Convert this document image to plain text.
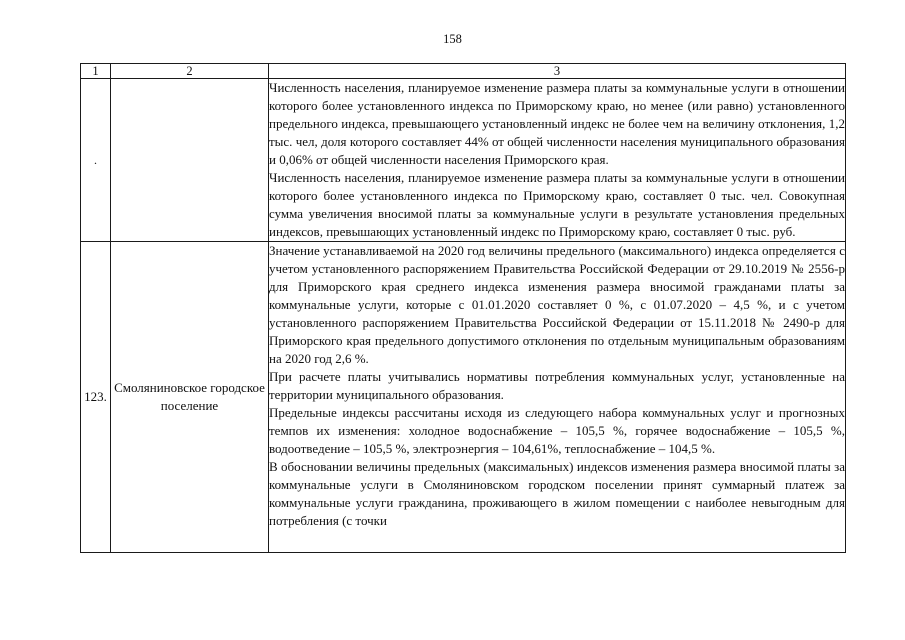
158
1	2	3
.		Численность населения, планируемое изменение размера платы за коммунальные услуги в отношении которого более установленного индекса по Приморскому краю, но менее (или равно) установленного предельного индекса, превышающего установленный индекс не более чем на величину отклонения, 1,2 тыс. чел, доля которого составляет 44% от общей численности населения муниципального образования и 0,06% от общей численности населения Приморского края.

Численность населения, планируемое изменение размера платы за коммунальные услуги в отношении которого более установленного индекса по Приморскому краю, составляет 0 тыс. чел. Совокупная сумма увеличения вносимой платы за коммунальные услуги в результате установления предельных индексов, превышающих установленный индекс по Приморскому краю, составляет 0 тыс. руб.

123.	Смоляниновское городское поселение	Значение устанавливаемой на 2020 год величины предельного (максимального) индекса определяется с учетом установленного распоряжением Правительства Российской Федерации от 29.10.2019 № 2556-р для Приморского края среднего индекса изменения размера вносимой гражданами платы за коммунальные услуги, которые с 01.01.2020 составляет 0 %, с 01.07.2020 – 4,5 %, и с учетом установленного распоряжением Правительства Российской Федерации от 15.11.2018 № 2490-р для Приморского края предельного допустимого отклонения по отдельным муниципальным образованиям на 2020 год 2,6 %.

При расчете платы учитывались нормативы потребления коммунальных услуг, установленные на территории муниципального образования.

Предельные индексы рассчитаны исходя из следующего набора коммунальных услуг и прогнозных темпов их изменения: холодное водоснабжение – 105,5 %, горячее водоснабжение – 105,5 %, водоотведение – 105,5 %, электроэнергия – 104,61%, теплоснабжение – 104,5 %.

В обосновании величины предельных (максимальных) индексов изменения размера вносимой платы за коммунальные услуги в Смоляниновском городском поселении принят суммарный платеж за коммунальные услуги гражданина, проживающего в жилом помещении с наиболее невыгодным для потребления (с точки
